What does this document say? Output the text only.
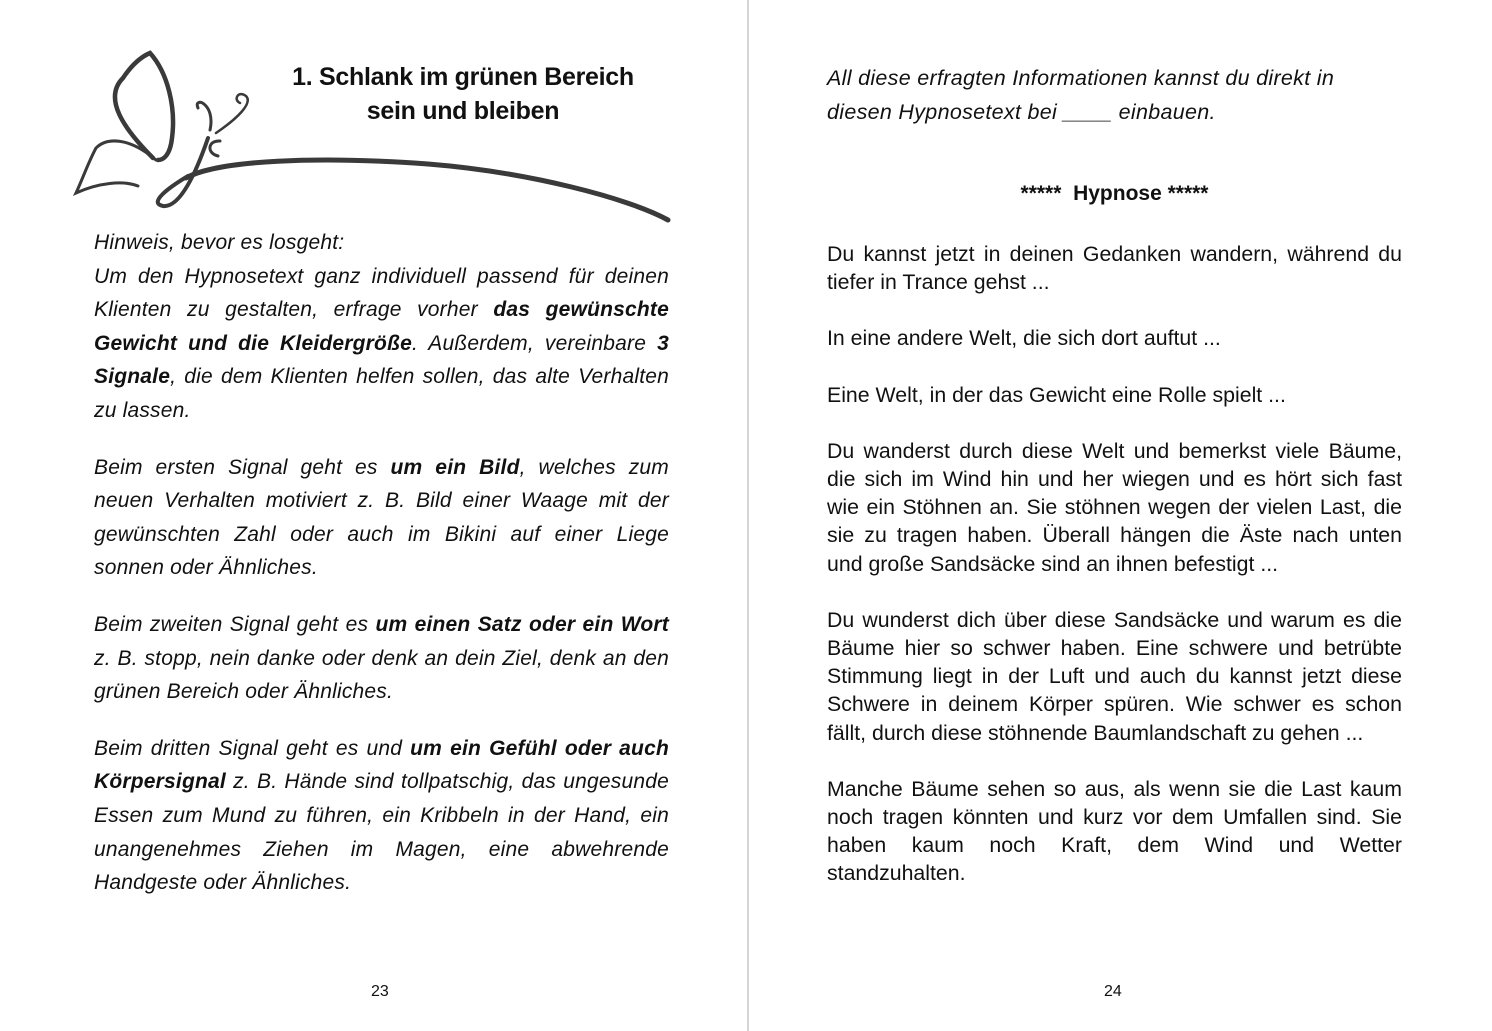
1. Schlank im grünen Bereich
sein und bleiben

Hinweis, bevor es losgeht:
Um den Hypnosetext ganz individuell passend für deinen Klienten zu gestalten, erfrage vorher das gewünschte Gewicht und die Kleidergröße. Außerdem, vereinbare 3 Signale, die dem Klienten helfen sollen, das alte Verhalten zu lassen.

Beim ersten Signal geht es um ein Bild, welches zum neuen Verhalten motiviert z. B. Bild einer Waage mit der gewünschten Zahl oder auch im Bikini auf einer Liege sonnen oder Ähnliches.

Beim zweiten Signal geht es um einen Satz oder ein Wort z. B. stopp, nein danke oder denk an dein Ziel, denk an den grünen Bereich oder Ähnliches.

Beim dritten Signal geht es und um ein Gefühl oder auch Körpersignal z. B. Hände sind tollpatschig, das ungesunde Essen zum Mund zu führen, ein Kribbeln in der Hand, ein unangenehmes Ziehen im Magen, eine abwehrende Handgeste oder Ähnliches.

23
All diese erfragten Informationen kannst du direkt in diesen Hypnosetext bei ____ einbauen.
***** Hypnose *****

Du kannst jetzt in deinen Gedanken wandern, während du tiefer in Trance gehst ...

In eine andere Welt, die sich dort auftut ...

Eine Welt, in der das Gewicht eine Rolle spielt ...

Du wanderst durch diese Welt und bemerkst viele Bäume, die sich im Wind hin und her wiegen und es hört sich fast wie ein Stöhnen an. Sie stöhnen wegen der vielen Last, die sie zu tragen haben. Überall hängen die Äste nach unten und große Sandsäcke sind an ihnen befestigt ...

Du wunderst dich über diese Sandsäcke und warum es die Bäume hier so schwer haben. Eine schwere und betrübte Stimmung liegt in der Luft und auch du kannst jetzt diese Schwere in deinem Körper spüren. Wie schwer es schon fällt, durch diese stöhnende Baumlandschaft zu gehen ...

Manche Bäume sehen so aus, als wenn sie die Last kaum noch tragen könnten und kurz vor dem Umfallen sind. Sie haben kaum noch Kraft, dem Wind und Wetter standzuhalten.

24
